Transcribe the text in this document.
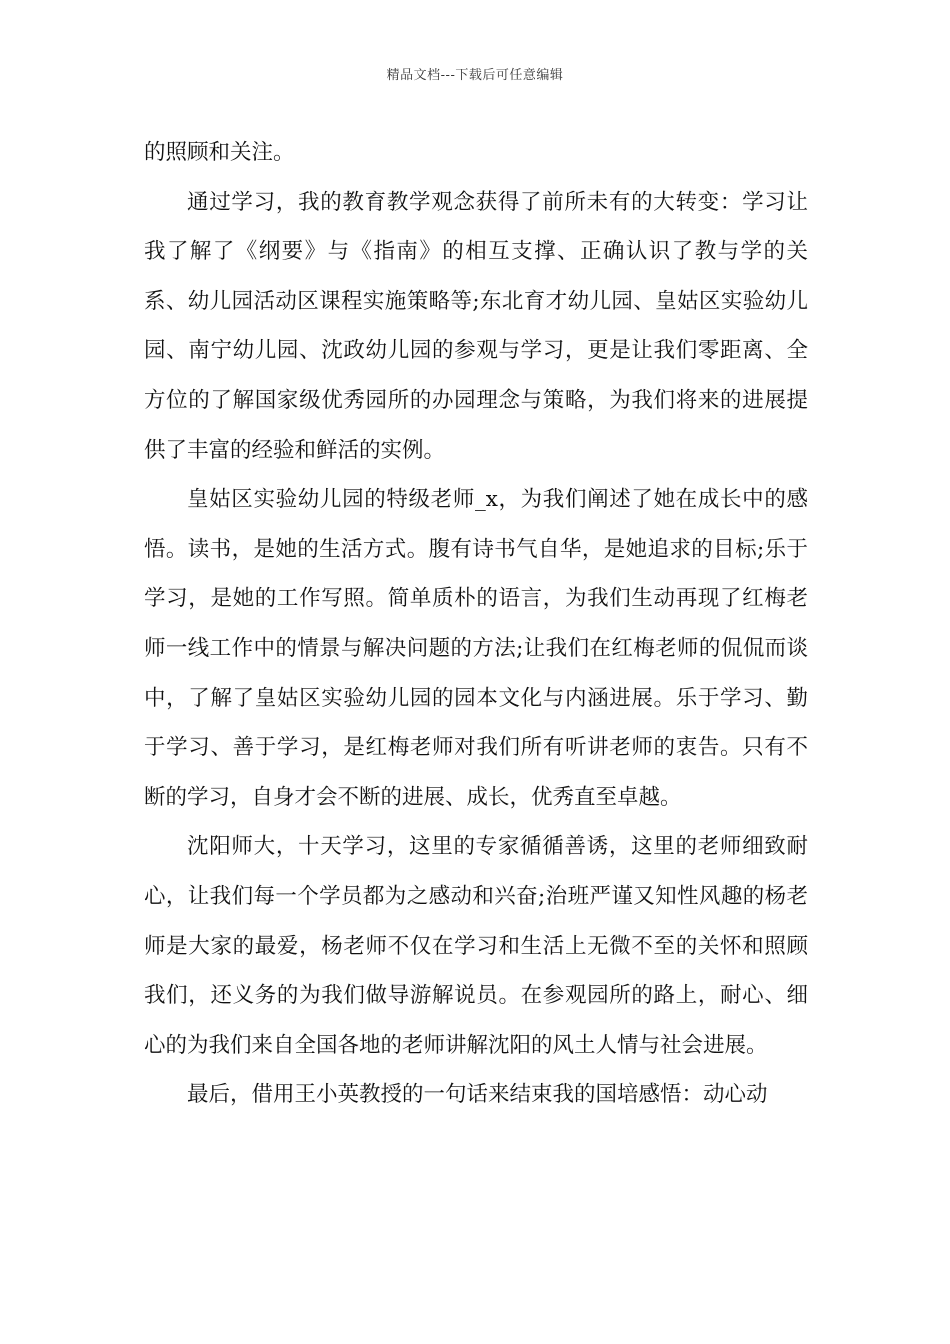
精品文档---下载后可任意编辑

的照顾和关注。

通过学习，我的教育教学观念获得了前所未有的大转变：学习让我了解了《纲要》与《指南》的相互支撑、正确认识了教与学的关系、幼儿园活动区课程实施策略等;东北育才幼儿园、皇姑区实验幼儿园、南宁幼儿园、沈政幼儿园的参观与学习，更是让我们零距离、全方位的了解国家级优秀园所的办园理念与策略，为我们将来的进展提供了丰富的经验和鲜活的实例。

皇姑区实验幼儿园的特级老师_x，为我们阐述了她在成长中的感悟。读书，是她的生活方式。腹有诗书气自华，是她追求的目标;乐于学习，是她的工作写照。简单质朴的语言，为我们生动再现了红梅老师一线工作中的情景与解决问题的方法;让我们在红梅老师的侃侃而谈中，了解了皇姑区实验幼儿园的园本文化与内涵进展。乐于学习、勤于学习、善于学习，是红梅老师对我们所有听讲老师的衷告。只有不断的学习，自身才会不断的进展、成长，优秀直至卓越。

沈阳师大，十天学习，这里的专家循循善诱，这里的老师细致耐心，让我们每一个学员都为之感动和兴奋;治班严谨又知性风趣的杨老师是大家的最爱，杨老师不仅在学习和生活上无微不至的关怀和照顾我们，还义务的为我们做导游解说员。在参观园所的路上，耐心、细心的为我们来自全国各地的老师讲解沈阳的风土人情与社会进展。

最后，借用王小英教授的一句话来结束我的国培感悟：动心动
